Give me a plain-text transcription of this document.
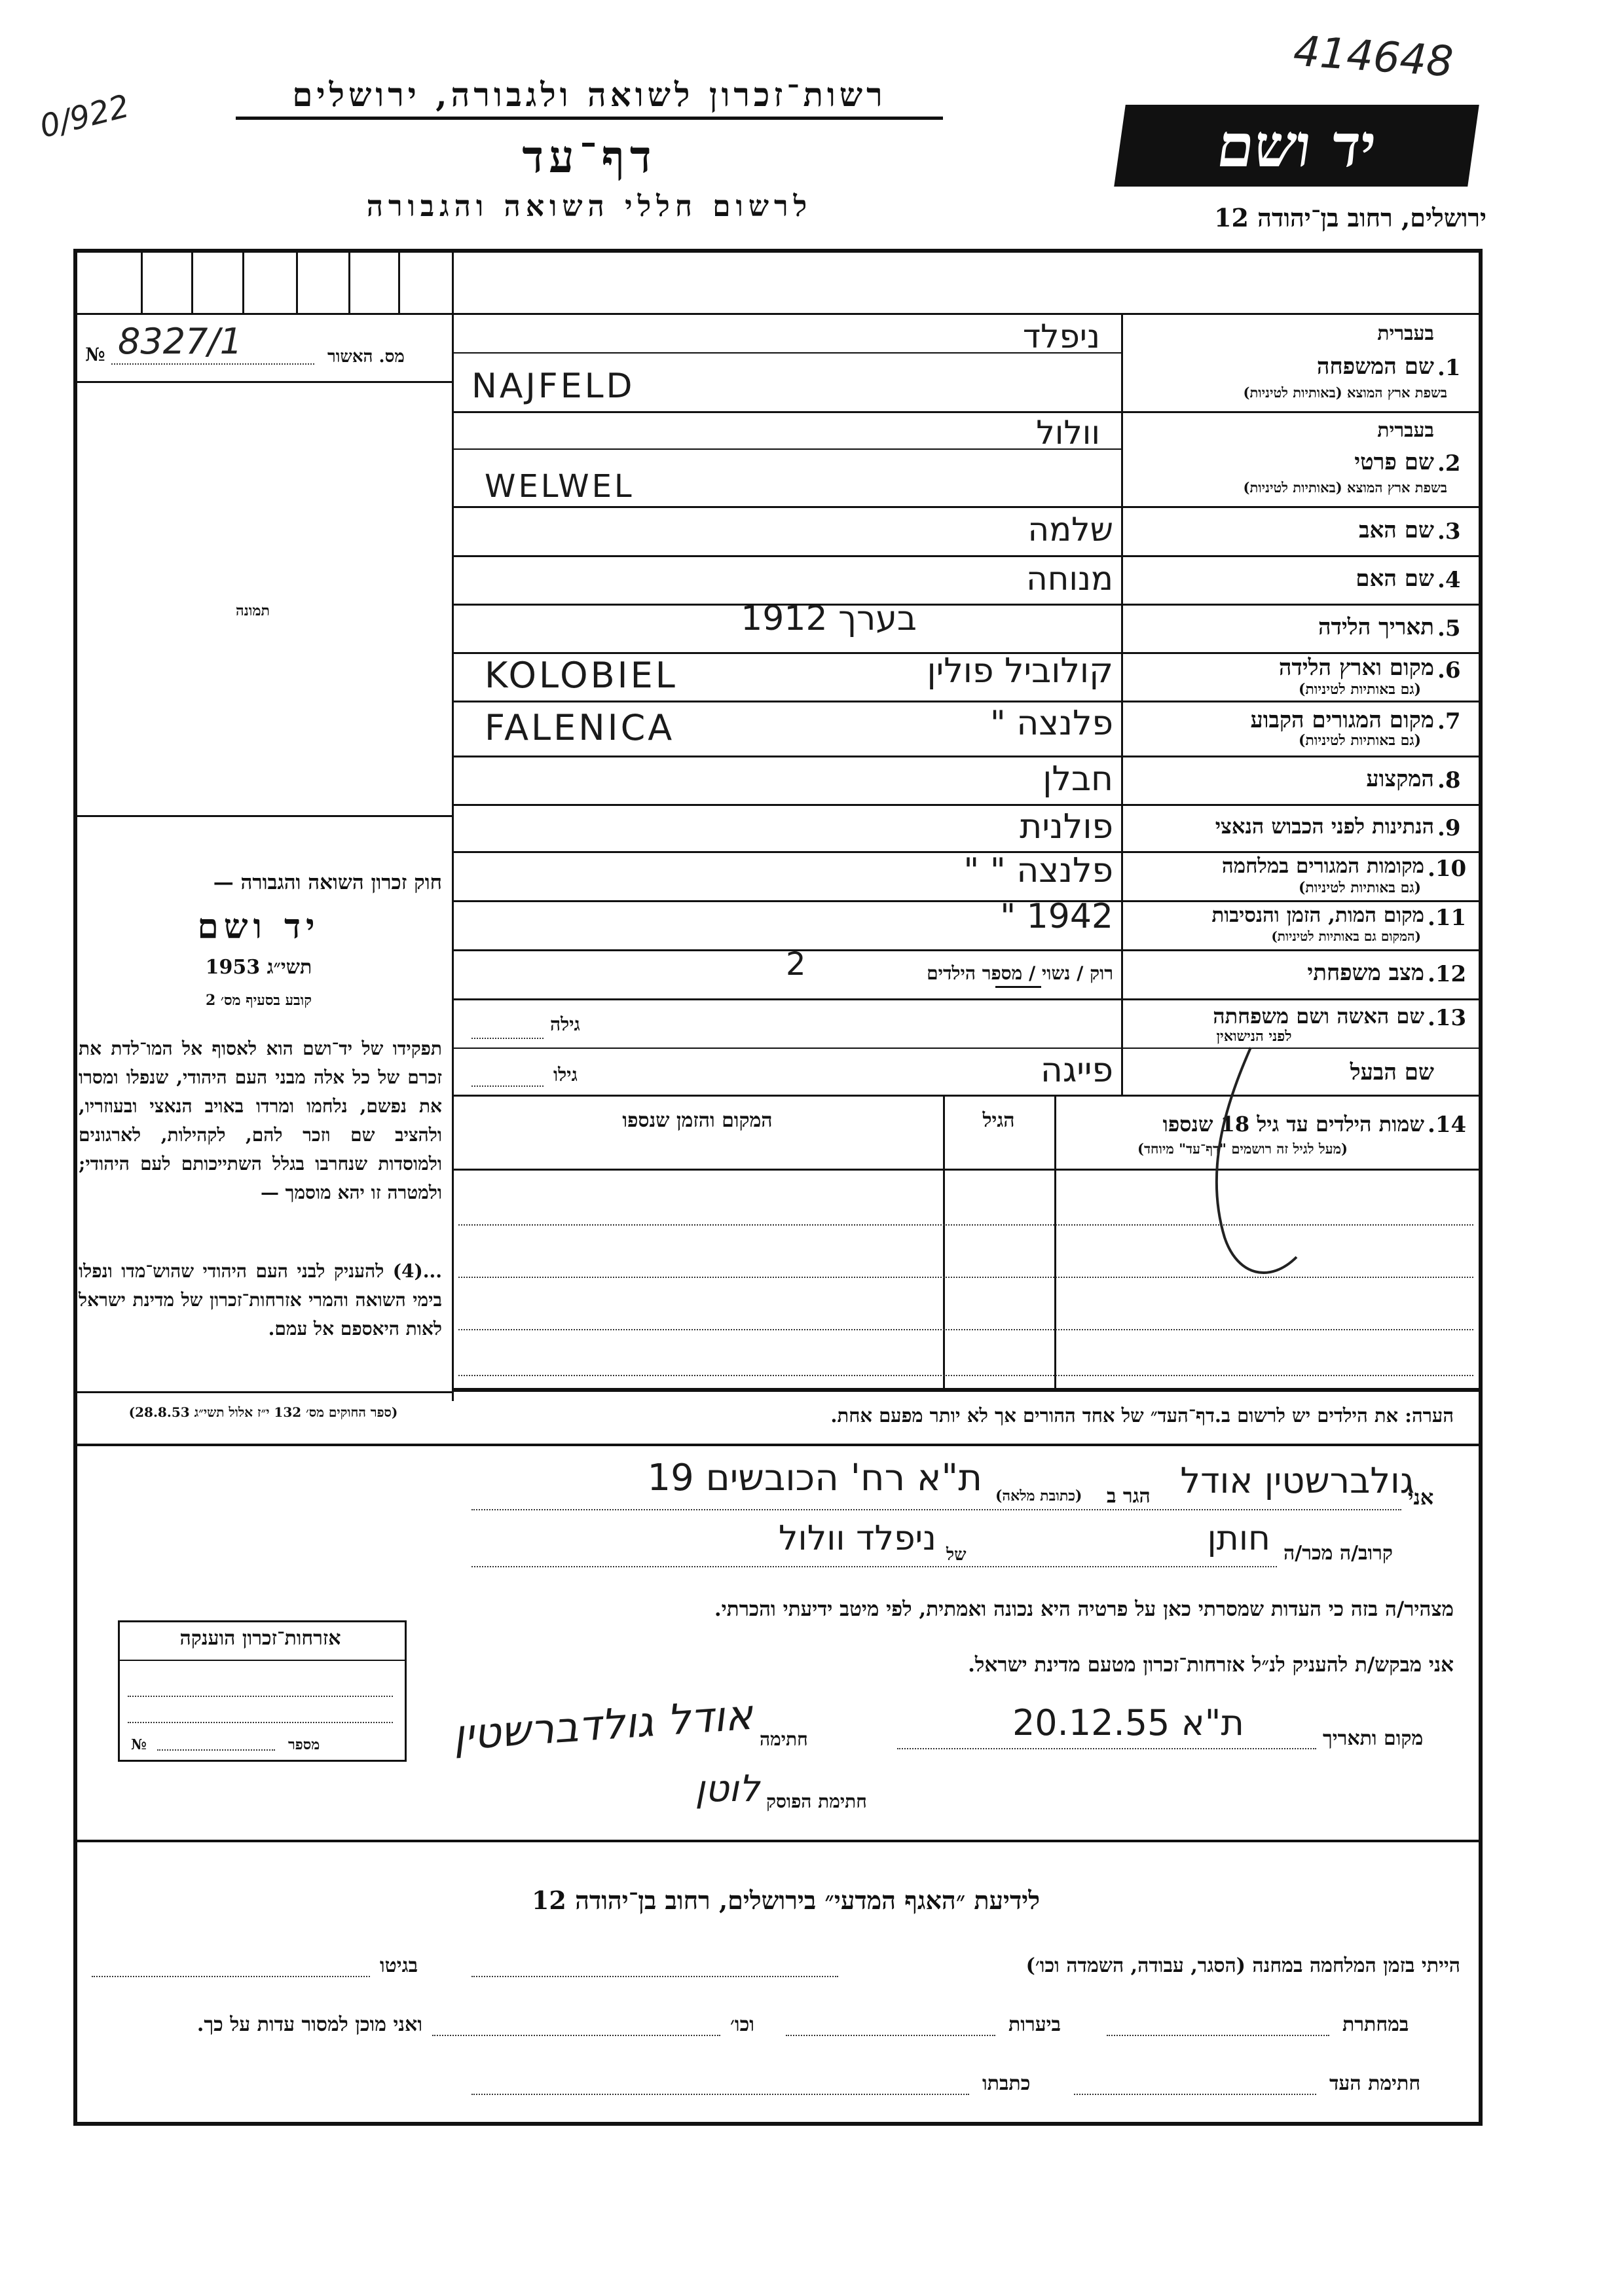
0/922
414648
רשות־זכרון לשואה ולגבורה, ירושלים
דף־עד
לרשום חללי השואה והגבורה
יד ושם
ירושלים, רחוב בן־יהודה 12
№ 8327/1	מס. האשור
תמונה
חוק זכרון השואה והגבורה —
יד ושם
תשי״ג 1953
קובע בסעיף מס׳ 2
תפקידו של יד־ושם הוא לאסוף אל המו־לדת את זכרם של כל אלה מבני העם היהודי, שנפלו ומסרו את נפשם, נלחמו ומרדו באויב הנאצי ובעוזריו, ולהציב שם וזכר להם, לקהילות, לארגונים ולמוסדות שנחרבו בגלל השתייכותם לעם היהודי; ולמטרה זו יהא מוסמך —
...(4) להעניק לבני העם היהודי שהוש־מדו ונפלו בימי השואה והמרי אזרחות־זכרון של מדינת ישראל לאות היאספם אל עמם.
(ספר החוקים מס׳ 132 י״ז אלול תשי״ג 28.8.53)
בעברית
1.
שם המשפחה
בשפת ארץ המוצא (באותיות לטיניות)
ניפלד
NAJFELD
בעברית
2.
שם פרטי
בשפת ארץ המוצא (באותיות לטיניות)
וולול
WELWEL
3.
שם האב
שלמה
4.
שם האם
מנוחה
5.
תאריך הלידה
בערך 1912
6.
מקום וארץ הלידה
(גם באותיות לטיניות)
קולוביל פולין
KOLOBIEL
7.
מקום המגורים הקבוע
(גם באותיות לטיניות)
פלנצה "
FALENICA
8.
המקצוע
חבלן
9.
הנתינות לפני הכבוש הנאצי
פולנית
10.
מקומות המגורים במלחמה
(גם באותיות לטיניות)
פלנצה " "
11.
מקום המות, הזמן והנסיבות
(המקום גם באותיות לטיניות)
1942 "
12.
מצב משפחתי
רוק / נשוי / מספר הילדים
2
13.
שם האשה ושם משפחתה
לפני הנישואין
גילה
שם הבעל
פייגה
גילו
14.
שמות הילדים עד גיל 18 שנספו
(מעל לגיל זה רושמים "דף־עד" מיוחד)
הגיל
המקום והזמן שנספו
הערה: את הילדים יש לרשום ב.דף־העד״ של אחד ההורים אך לא יותר מפעם אחת.
אני
גולברשטין אודל
הגר ב
(כתובת מלאה)
ת"א רח' הכובשים 19
קרוב/ה מכר/ה
חותן
של
ניפלד וולול
מצהיר/ה בזה כי העדות שמסרתי כאן על פרטיה היא נכונה ואמתית, לפי מיטב ידיעתי והכרתי.
אני מבקש/ת להעניק לנ״ל אזרחות־זכרון מטעם מדינת ישראל.
אזרחות־זכרון הוענקה
№	מספר	מקום ותאריך
ת"א 20.12.55
חתימה
אודל גולדברשטין
לוטן חתימת הפוסק
לידיעת ״האגף המדעי״ בירושלים, רחוב בן־יהודה 12
הייתי בזמן המלחמה במחנה (הסגר, עבודה, השמדה וכו׳)
בגיטו
במחתרת
ביערות
וכו׳
ואני מוכן למסור עדות על כך.
חתימת העד
כתבתו
